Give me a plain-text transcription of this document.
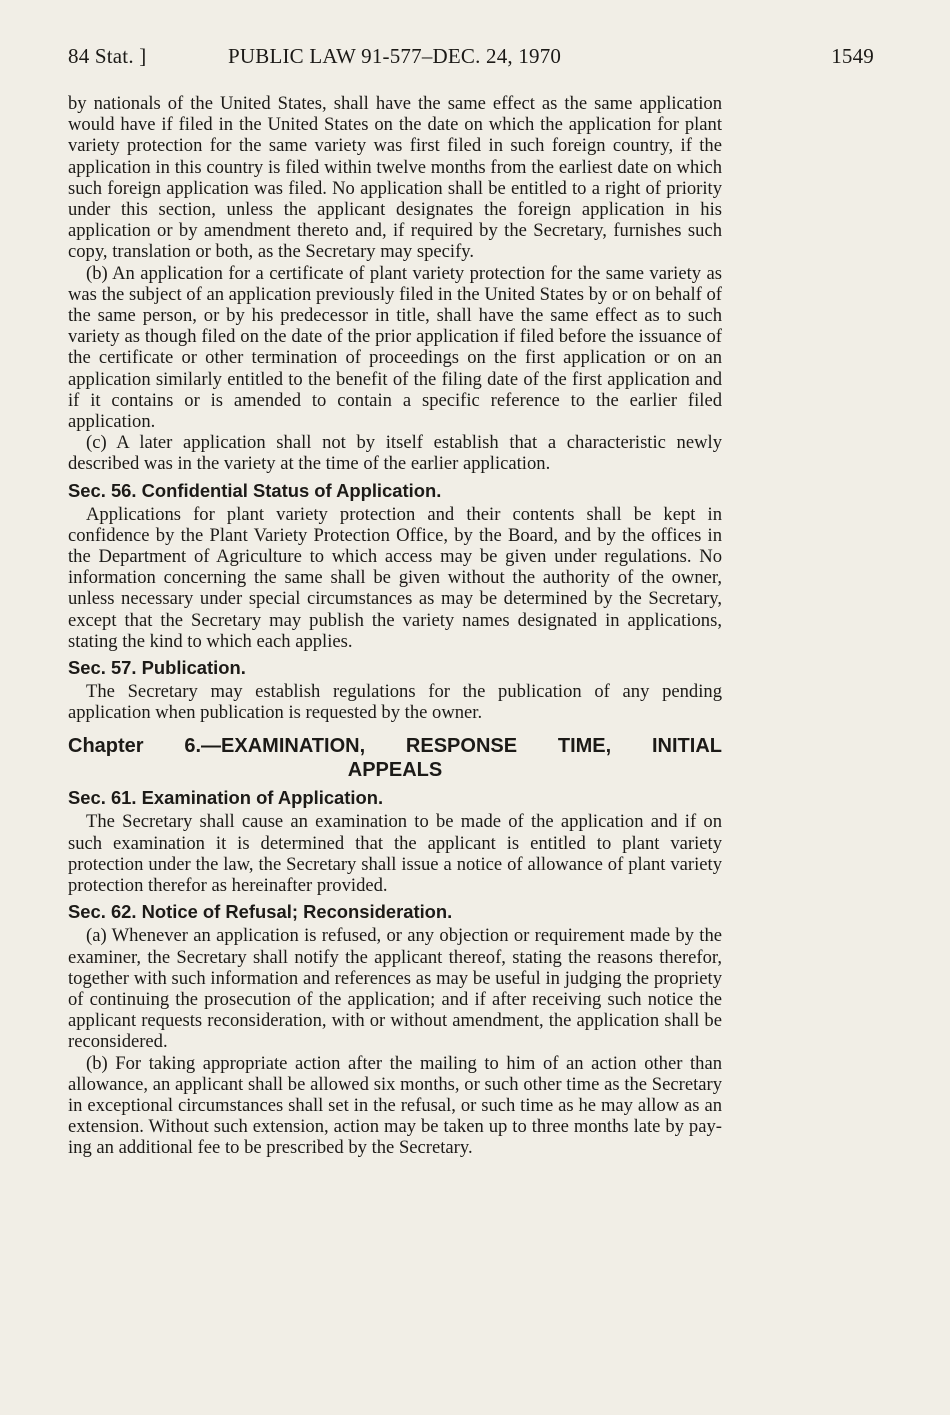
84 Stat. ]	PUBLIC LAW 91-577–DEC. 24, 1970	1549

by nationals of the United States, shall have the same effect as the same application would have if filed in the United States on the date on which the application for plant variety protection for the same variety was first filed in such foreign country, if the application in this country is filed within twelve months from the earliest date on which such foreign application was filed. No application shall be entitled to a right of priority under this section, unless the applicant designates the foreign application in his application or by amendment thereto and, if required by the Secretary, furnishes such copy, translation or both, as the Secretary may specify.

(b) An application for a certificate of plant variety protection for the same variety as was the subject of an application previously filed in the United States by or on behalf of the same person, or by his predecessor in title, shall have the same effect as to such variety as though filed on the date of the prior application if filed before the issuance of the certificate or other termination of proceedings on the first application or on an application similarly entitled to the benefit of the filing date of the first application and if it contains or is amended to contain a specific reference to the earlier filed application.

(c) A later application shall not by itself establish that a characteristic newly described was in the variety at the time of the earlier application.

Sec. 56. Confidential Status of Application.

Applications for plant variety protection and their contents shall be kept in confidence by the Plant Variety Protection Office, by the Board, and by the offices in the Department of Agriculture to which access may be given under regulations. No information concerning the same shall be given without the authority of the owner, unless necessary under special circumstances as may be determined by the Secretary, except that the Secretary may publish the variety names designated in applications, stating the kind to which each applies.

Sec. 57. Publication.

The Secretary may establish regulations for the publication of any pending application when publication is requested by the owner.

Chapter 6.—EXAMINATION, RESPONSE TIME, INITIAL
APPEALS
Sec. 61. Examination of Application.

The Secretary shall cause an examination to be made of the application and if on such examination it is determined that the applicant is entitled to plant variety protection under the law, the Secretary shall issue a notice of allowance of plant variety protection therefor as hereinafter provided.

Sec. 62. Notice of Refusal; Reconsideration.

(a) Whenever an application is refused, or any objection or requirement made by the examiner, the Secretary shall notify the applicant thereof, stating the reasons therefor, together with such information and references as may be useful in judging the propriety of continuing the prosecution of the application; and if after receiving such notice the applicant requests reconsideration, with or without amendment, the application shall be reconsidered.

(b) For taking appropriate action after the mailing to him of an action other than allowance, an applicant shall be allowed six months, or such other time as the Secretary in exceptional circumstances shall set in the refusal, or such time as he may allow as an extension. Without such extension, action may be taken up to three months late by paying an additional fee to be prescribed by the Secretary.
